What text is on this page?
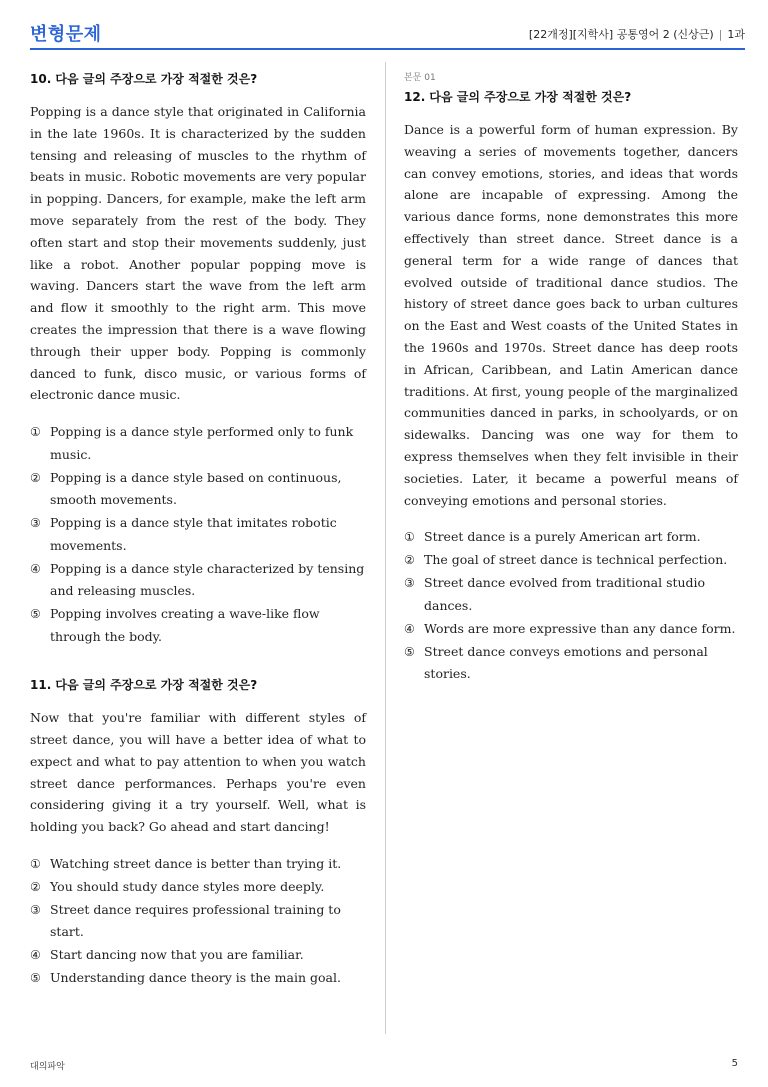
변형문제	[22개정][지학사] 공통영어 2 (신상근) | 1과
10. 다음 글의 주장으로 가장 적절한 것은?

Popping is a dance style that originated in California in the late 1960s. It is characterized by the sudden tensing and releasing of muscles to the rhythm of beats in music. Robotic movements are very popular in popping. Dancers, for example, make the left arm move separately from the rest of the body. They often start and stop their movements suddenly, just like a robot. Another popular popping move is waving. Dancers start the wave from the left arm and flow it smoothly to the right arm. This move creates the impression that there is a wave flowing through their upper body. Popping is commonly danced to funk, disco music, or various forms of electronic dance music.

① Popping is a dance style performed only to funk music.
② Popping is a dance style based on continuous, smooth movements.
③ Popping is a dance style that imitates robotic movements.
④ Popping is a dance style characterized by tensing and releasing muscles.
⑤ Popping involves creating a wave-like flow through the body.
11. 다음 글의 주장으로 가장 적절한 것은?

Now that you're familiar with different styles of street dance, you will have a better idea of what to expect and what to pay attention to when you watch street dance performances. Perhaps you're even considering giving it a try yourself. Well, what is holding you back? Go ahead and start dancing!

① Watching street dance is better than trying it.
② You should study dance styles more deeply.
③ Street dance requires professional training to start.
④ Start dancing now that you are familiar.
⑤ Understanding dance theory is the main goal.
본문 01
12. 다음 글의 주장으로 가장 적절한 것은?

Dance is a powerful form of human expression. By weaving a series of movements together, dancers can convey emotions, stories, and ideas that words alone are incapable of expressing. Among the various dance forms, none demonstrates this more effectively than street dance. Street dance is a general term for a wide range of dances that evolved outside of traditional dance studios. The history of street dance goes back to urban cultures on the East and West coasts of the United States in the 1960s and 1970s. Street dance has deep roots in African, Caribbean, and Latin American dance traditions. At first, young people of the marginalized communities danced in parks, in schoolyards, or on sidewalks. Dancing was one way for them to express themselves when they felt invisible in their societies. Later, it became a powerful means of conveying emotions and personal stories.

① Street dance is a purely American art form.
② The goal of street dance is technical perfection.
③ Street dance evolved from traditional studio dances.
④ Words are more expressive than any dance form.
⑤ Street dance conveys emotions and personal stories.
대의파악	5
